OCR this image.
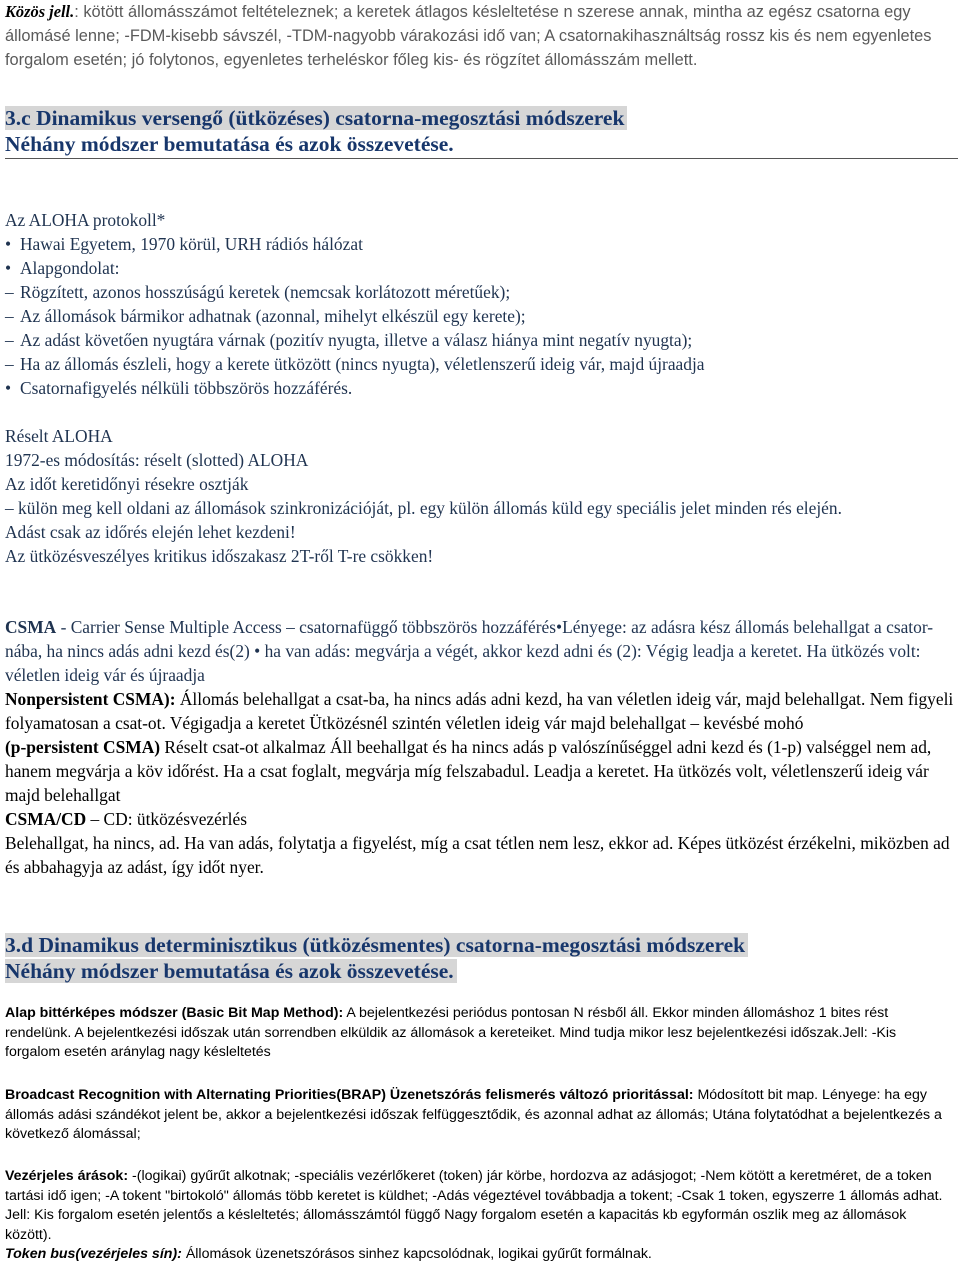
Közös jell.: kötött állomásszámot feltételeznek; a keretek átlagos késleltetése n szerese annak, mintha az egész csatorna egy állomásé lenne; -FDM-kisebb sávszél, -TDM-nagyobb várakozási idő van; A csatornakihasználtság rossz kis és nem egyenletes forgalom esetén; jó folytonos, egyenletes terheléskor főleg kis- és rögzítet állomásszám mellett.

3.c Dinamikus versengő (ütközéses) csatorna-megosztási módszerek
Néhány módszer bemutatása és azok összevetése.
Az ALOHA protokoll*
• Hawai Egyetem, 1970 körül, URH rádiós hálózat
• Alapgondolat:
– Rögzített, azonos hosszúságú keretek (nemcsak korlátozott méretűek);
– Az állomások bármikor adhatnak (azonnal, mihelyt elkészül egy kerete);
– Az adást követően nyugtára várnak (pozitív nyugta, illetve a válasz hiánya mint negatív nyugta);
– Ha az állomás észleli, hogy a kerete ütközött (nincs nyugta), véletlenszerű ideig vár, majd újraadja
• Csatornafigyelés nélküli többszörös hozzáférés.
Réselt ALOHA
1972-es módosítás: réselt (slotted) ALOHA
Az időt keretidőnyi résekre osztják
– külön meg kell oldani az állomások szinkronizációját, pl. egy külön állomás küld egy speciális jelet minden rés elején.
Adást csak az időrés elején lehet kezdeni!
Az ütközésveszélyes kritikus időszakasz 2T-ről T-re csökken!

CSMA - Carrier Sense Multiple Access – csatornafüggő többszörös hozzáférés•Lényege: az adásra kész állomás belehallgat a csator-nába, ha nincs adás adni kezd és(2) • ha van adás: megvárja a végét, akkor kezd adni és (2): Végig leadja a keretet. Ha ütközés volt: véletlen ideig vár és újraadja

Nonpersistent CSMA): Állomás belehallgat a csat-ba, ha nincs adás adni kezd, ha van véletlen ideig vár, majd belehallgat. Nem figyeli folyamatosan a csat-ot. Végigadja a keretet Ütközésnél szintén véletlen ideig vár majd belehallgat – kevésbé mohó

(p-persistent CSMA) Réselt csat-ot alkalmaz Áll beehallgat és ha nincs adás p valószínűséggel adni kezd és (1-p) valséggel nem ad, hanem megvárja a köv időrést. Ha a csat foglalt, megvárja míg felszabadul. Leadja a keretet. Ha ütközés volt, véletlenszerű ideig vár majd belehallgat

CSMA/CD – CD: ütközésvezérlés

Belehallgat, ha nincs, ad. Ha van adás, folytatja a figyelést, míg a csat tétlen nem lesz, ekkor ad. Képes ütközést érzékelni, miközben ad és abbahagyja az adást, így időt nyer.

3.d Dinamikus determinisztikus (ütközésmentes) csatorna-megosztási módszerek
Néhány módszer bemutatása és azok összevetése.

Alap bittérképes módszer (Basic Bit Map Method): A bejelentkezési periódus pontosan N résből áll. Ekkor minden állomáshoz 1 bites rést rendelünk. A bejelentkezési időszak után sorrendben elküldik az állomások a kereteiket. Mind tudja mikor lesz bejelentkezési időszak.Jell: -Kis forgalom esetén aránylag nagy késleltetés

Broadcast Recognition with Alternating Priorities(BRAP) Üzenetszórás felismerés változó prioritással: Módosított bit map. Lényege: ha egy állomás adási szándékot jelent be, akkor a bejelentkezési időszak felfüggesztődik, és azonnal adhat az állomás; Utána folytatódhat a bejelentkezés a következő álomással;

Vezérjeles árások: -(logikai) gyűrűt alkotnak; -speciális vezérlőkeret (token) jár körbe, hordozva az adásjogot; -Nem kötött a keretméret, de a token tartási idő igen; -A tokent "birtokoló" állomás több keretet is küldhet; -Adás végeztével továbbadja a tokent; -Csak 1 token, egyszerre 1 állomás adhat. Jell: Kis forgalom esetén jelentős a késleltetés; állomásszámtól függő Nagy forgalom esetén a kapacitás kb egyformán oszlik meg az állomások között).

Token bus(vezérjeles sín): Állomások üzenetszórásos sinhez kapcsolódnak, logikai gyűrűt formálnak.
